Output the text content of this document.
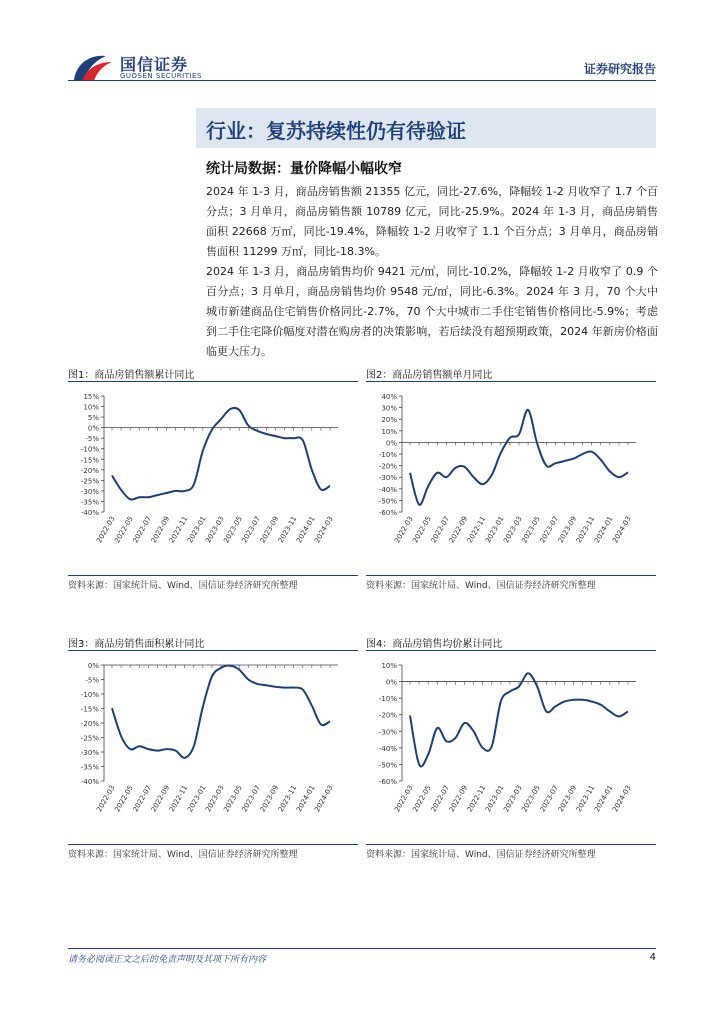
国信证券
GUOSEN SECURITIES	证券研究报告
行业：复苏持续性仍有待验证
统计局数据：量价降幅小幅收窄

2024 年 1-3 月，商品房销售额 21355 亿元，同比-27.6%，降幅较 1-2 月收窄了 1.7 个百分点；3 月单月，商品房销售额 10789 亿元，同比-25.9%。2024 年 1-3 月，商品房销售面积 22668 万㎡，同比-19.4%，降幅较 1-2 月收窄了 1.1 个百分点；3 月单月，商品房销售面积 11299 万㎡，同比-18.3%。

2024 年 1-3 月，商品房销售均价 9421 元/㎡，同比-10.2%，降幅较 1-2 月收窄了 0.9 个百分点；3 月单月，商品房销售均价 9548 元/㎡，同比-6.3%。2024 年 3 月，70 个大中城市新建商品住宅销售价格同比-2.7%，70 个大中城市二手住宅销售价格同比-5.9%；考虑到二手住宅降价幅度对潜在购房者的决策影响，若后续没有超预期政策，2024 年新房价格面临更大压力。

图1：商品房销售额累计同比
15%
10%
5%
0%
-5%
-10%
-15%
-20%
-25%
-30%
-35%
-40%
2022-03
2022-05
2022-07
2022-09
2022-11
2023-01
2023-03
2023-05
2023-07
2023-09
2023-11
2024-01
2024-03
资料来源：国家统计局、Wind、国信证券经济研究所整理
图2：商品房销售额单月同比
40%
30%
20%
10%
0%
-10%
-20%
-30%
-40%
-50%
-60%
2022-03
2022-05
2022-07
2022-09
2022-11
2023-01
2023-03
2023-05
2023-07
2023-09
2023-11
2024-01
2024-03
资料来源：国家统计局、Wind、国信证券经济研究所整理
图3：商品房销售面积累计同比
0%
-5%
-10%
-15%
-20%
-25%
-30%
-35%
-40%
2022-03
2022-05
2022-07
2022-09
2022-11
2023-01
2023-03
2023-05
2023-07
2023-09
2023-11
2024-01
2024-03
资料来源：国家统计局、Wind、国信证券经济研究所整理
图4：商品房销售均价累计同比
10%
0%
-10%
-20%
-30%
-40%
-50%
-60%
2022-03
2022-05
2022-07
2022-09
2022-11
2023-01
2023-03
2023-05
2023-07
2023-09
2023-11
2024-01
2024-03
资料来源：国家统计局、Wind、国信证券经济研究所整理
请务必阅读正文之后的免责声明及其项下所有内容	4
